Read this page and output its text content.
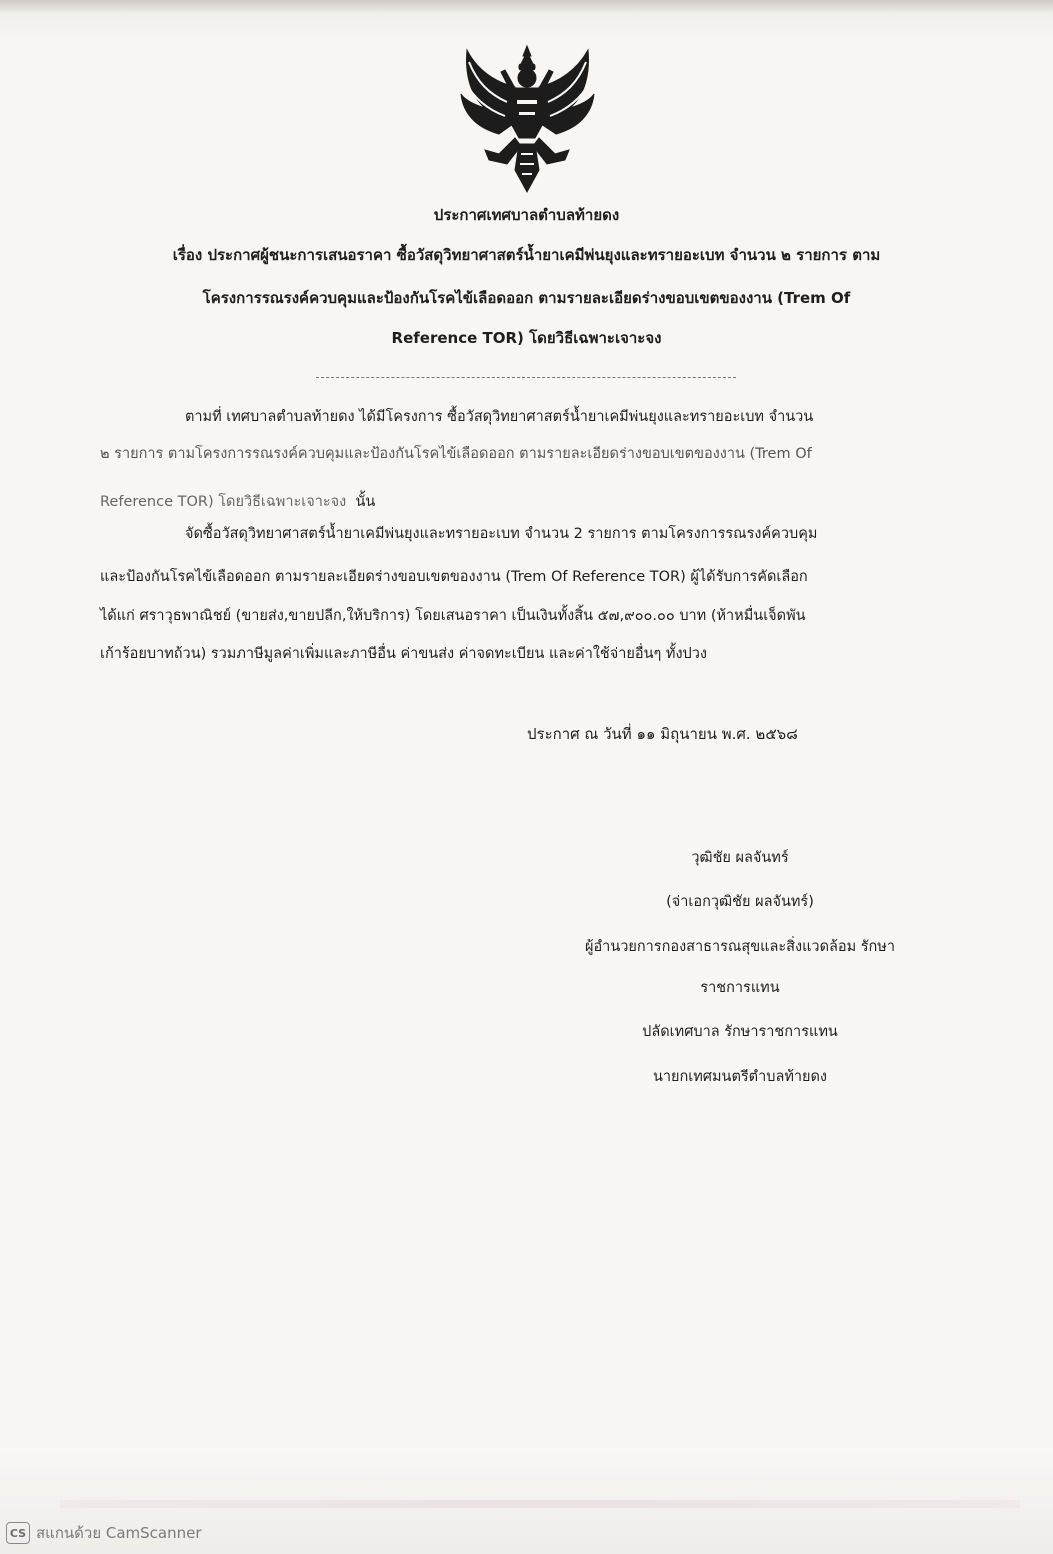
ประกาศเทศบาลตำบลท้ายดง
เรื่อง ประกาศผู้ชนะการเสนอราคา ซื้อวัสดุวิทยาศาสตร์น้ำยาเคมีพ่นยุงและทรายอะเบท จำนวน ๒ รายการ ตาม
โครงการรณรงค์ควบคุมและป้องกันโรคไข้เลือดออก ตามรายละเอียดร่างขอบเขตของงาน (Trem Of
Reference TOR) โดยวิธีเฉพาะเจาะจง
ตามที่ เทศบาลตำบลท้ายดง ได้มีโครงการ ซื้อวัสดุวิทยาศาสตร์น้ำยาเคมีพ่นยุงและทรายอะเบท จำนวน
๒ รายการ ตามโครงการรณรงค์ควบคุมและป้องกันโรคไข้เลือดออก ตามรายละเอียดร่างขอบเขตของงาน (Trem Of
Reference TOR) โดยวิธีเฉพาะเจาะจง นั้น
จัดซื้อวัสดุวิทยาศาสตร์น้ำยาเคมีพ่นยุงและทรายอะเบท จำนวน 2 รายการ ตามโครงการรณรงค์ควบคุม
และป้องกันโรคไข้เลือดออก ตามรายละเอียดร่างขอบเขตของงาน (Trem Of Reference TOR) ผู้ได้รับการคัดเลือก
ได้แก่ ศราวุธพาณิชย์ (ขายส่ง,ขายปลีก,ให้บริการ) โดยเสนอราคา เป็นเงินทั้งสิ้น ๕๗,๙๐๐.๐๐ บาท (ห้าหมื่นเจ็ดพัน
เก้าร้อยบาทถ้วน) รวมภาษีมูลค่าเพิ่มและภาษีอื่น ค่าขนส่ง ค่าจดทะเบียน และค่าใช้จ่ายอื่นๆ ทั้งปวง
ประกาศ ณ วันที่ ๑๑ มิถุนายน พ.ศ. ๒๕๖๘
วุฒิชัย ผลจันทร์
(จ่าเอกวุฒิชัย ผลจันทร์)
ผู้อำนวยการกองสาธารณสุขและสิ่งแวดล้อม รักษา
ราชการแทน
ปลัดเทศบาล รักษาราชการแทน
นายกเทศมนตรีตำบลท้ายดง
CS สแกนด้วย CamScanner
